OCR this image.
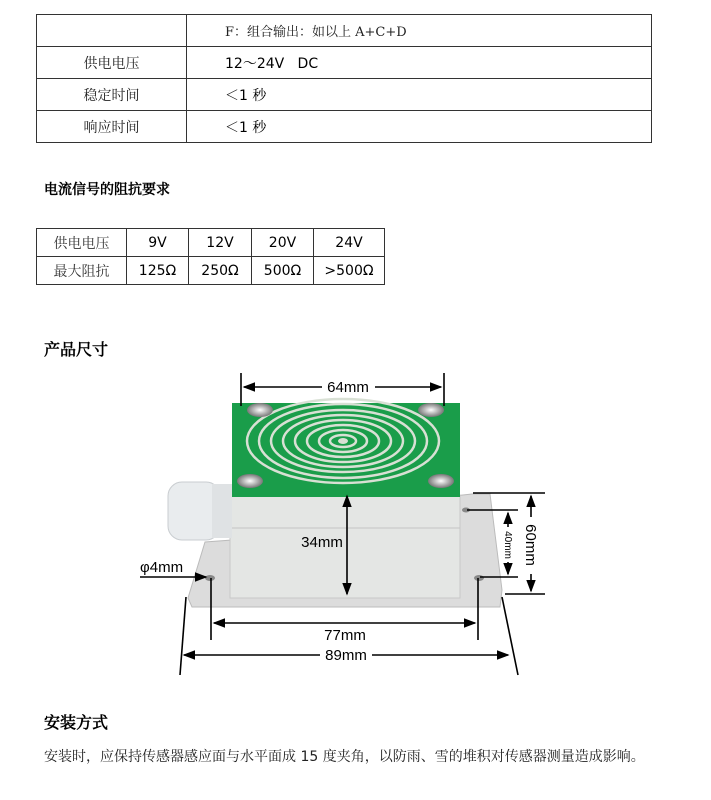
	F：组合输出：如以上 A+C+D
供电电压	12～24V   DC
稳定时间	＜1 秒
响应时间	＜1 秒
电流信号的阻抗要求
供电电压	9V	12V	20V	24V
最大阻抗	125Ω	250Ω	500Ω	>500Ω
产品尺寸
64mm
34mm	60mm
40mm
φ4mm
77mm
89mm
安装方式
安装时，应保持传感器感应面与水平面成 15 度夹角，以防雨、雪的堆积对传感器测量造成影响。
